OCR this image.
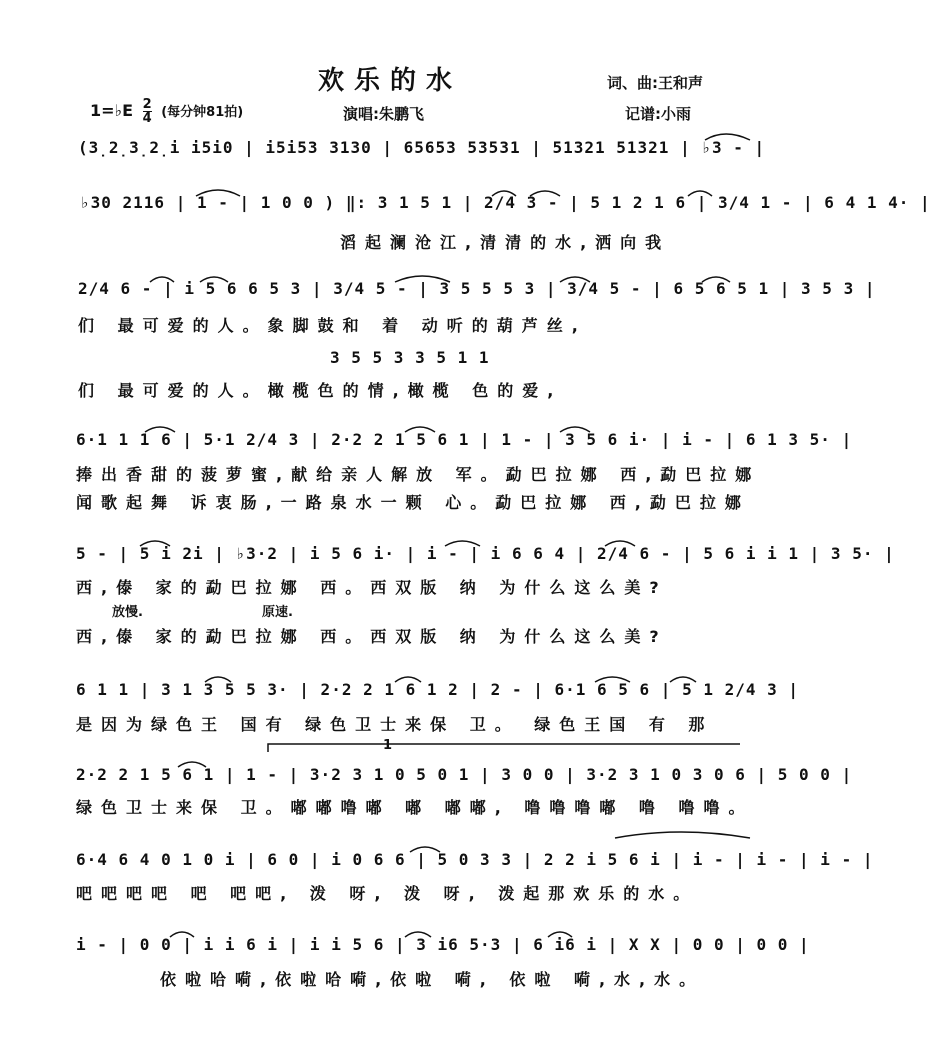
欢乐的水	词、曲:王和声
1=♭E $\frac{2}{4}$ (每分钟81拍)	演唱:朱鹏飞	记谱:小雨
(3̣2̣3̣2̣i i5i0 | i5i53 3130 | 65653 53531 | 51321 51321 | ♭3 - |
♭30 2116 | 1 - | 1 0 0 ) ‖: 3 1 5 1 | 2/4 3 - | 5 1 2 1 6 | 3/4 1 - | 6 4 1 4· |
滔起澜沧江,清清的水,洒向我
2/4 6 - | i 5 6 6 5 3 | 3/4 5 - | 3 5 5 5 3 | 3/4 5 - | 6 5 6 5 1 | 3 5 3 |
们 最可爱的人。象脚鼓和 着 动听的葫芦丝,
3 5 5 3 3 5 1 1
们 最可爱的人。橄榄色的情,橄榄 色的爱,
6·1 1 1 6 | 5·1 2/4 3 | 2·2 2 1 5 6 1 | 1 - | 3 5 6 i· | i - | 6 1 3 5· |
捧出香甜的菠萝蜜,献给亲人解放 军。勐巴拉娜 西,勐巴拉娜
闻歌起舞 诉衷肠,一路泉水一颗 心。勐巴拉娜 西,勐巴拉娜
5 - | 5 i 2i | ♭3·2 | i 5 6 i· | i - | i 6 6 4 | 2/4 6 - | 5 6 i i 1 | 3 5· |
西,傣 家的勐巴拉娜 西。西双版 纳 为什么这么美?
放慢.	原速.
西,傣 家的勐巴拉娜 西。西双版 纳 为什么这么美?
6 1 1 | 3 1 3 5 5 3· | 2·2 2 1 6 1 2 | 2 - | 6·1 6 5 6 | 5 1 2/4 3 |
是因为绿色王 国有 绿色卫士来保 卫。 绿色王国 有 那
1
2·2 2 1 5 6 1 | 1 - | 3·2 3 1 0 5 0 1 | 3 0 0 | 3·2 3 1 0 3 0 6 | 5 0 0 |
绿色卫士来保 卫。嘟嘟噜嘟 嘟 嘟嘟, 噜噜噜嘟 噜 噜噜。
6·4 6 4 0 1 0 i | 6 0 | i 0 6 6 | 5 0 3 3 | 2 2 i 5 6 i | i - | i - | i - |
吧吧吧吧 吧 吧吧, 泼 呀, 泼 呀, 泼起那欢乐的水。
i - | 0 0 | i i 6 i | i i 5 6 | 3 i6 5·3 | 6 i6 i | X X | 0 0 | 0 0 |
依啦哈嗬,依啦哈嗬,依啦 嗬, 依啦 嗬,水,水。
